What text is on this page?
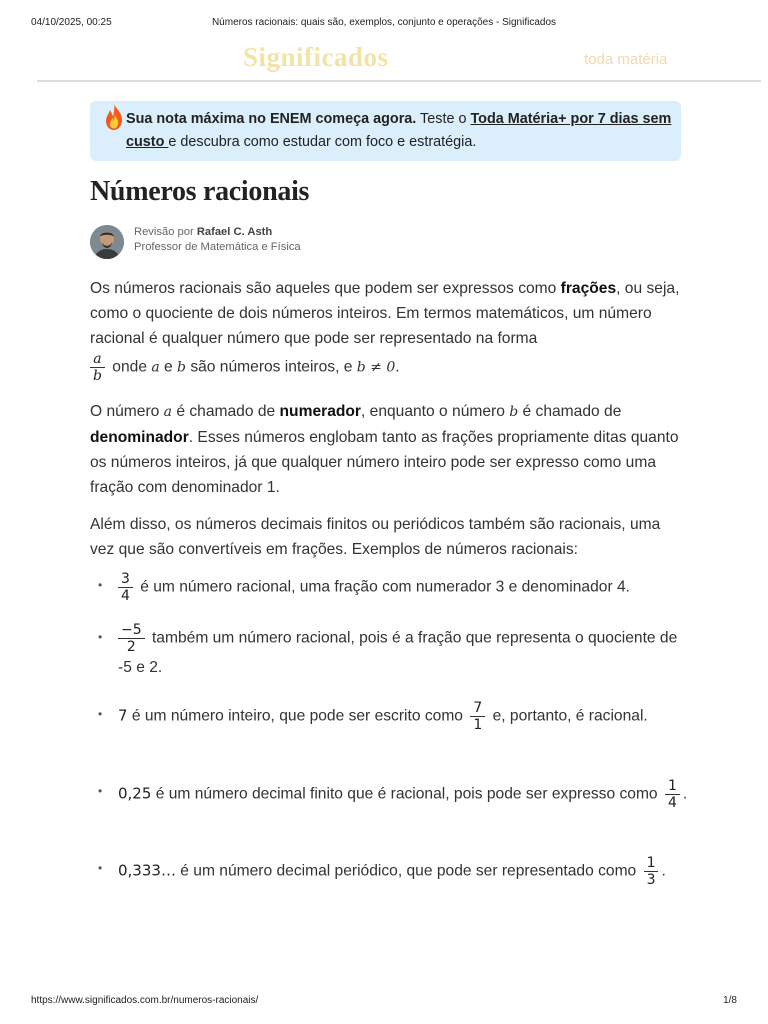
04/10/2025, 00:25	Números racionais: quais são, exemplos, conjunto e operações - Significados
Significados	toda matéria
Sua nota máxima no ENEM começa agora. Teste o Toda Matéria+ por 7 dias sem custo e descubra como estudar com foco e estratégia.
Números racionais
Revisão por Rafael C. Asth
Professor de Matemática e Física

Os números racionais são aqueles que podem ser expressos como frações, ou seja, como o quociente de dois números inteiros. Em termos matemáticos, um número racional é qualquer número que pode ser representado na forma

$\frac{a}{b}$ onde a e b são números inteiros, e b ≠ 0.

O número a é chamado de numerador, enquanto o número b é chamado de denominador. Esses números englobam tanto as frações propriamente ditas quanto os números inteiros, já que qualquer número inteiro pode ser expresso como uma fração com denominador 1.

Além disso, os números decimais finitos ou periódicos também são racionais, uma vez que são convertíveis em frações. Exemplos de números racionais:

• $\frac{3}{4}$ é um número racional, uma fração com numerador 3 e denominador 4.
• $\frac{-5}{2}$ também um número racional, pois é a fração que representa o quociente de -5 e 2.
• 7 é um número inteiro, que pode ser escrito como $\frac{7}{1} e$, portanto, é racional.
• 0,25 é um número decimal finito que é racional, pois pode ser expresso como $\frac{1}{4}$ .
• 0,333… é um número decimal periódico, que pode ser representado como $\frac{1}{3}$ .
https://www.significados.com.br/numeros-racionais/	1/8
